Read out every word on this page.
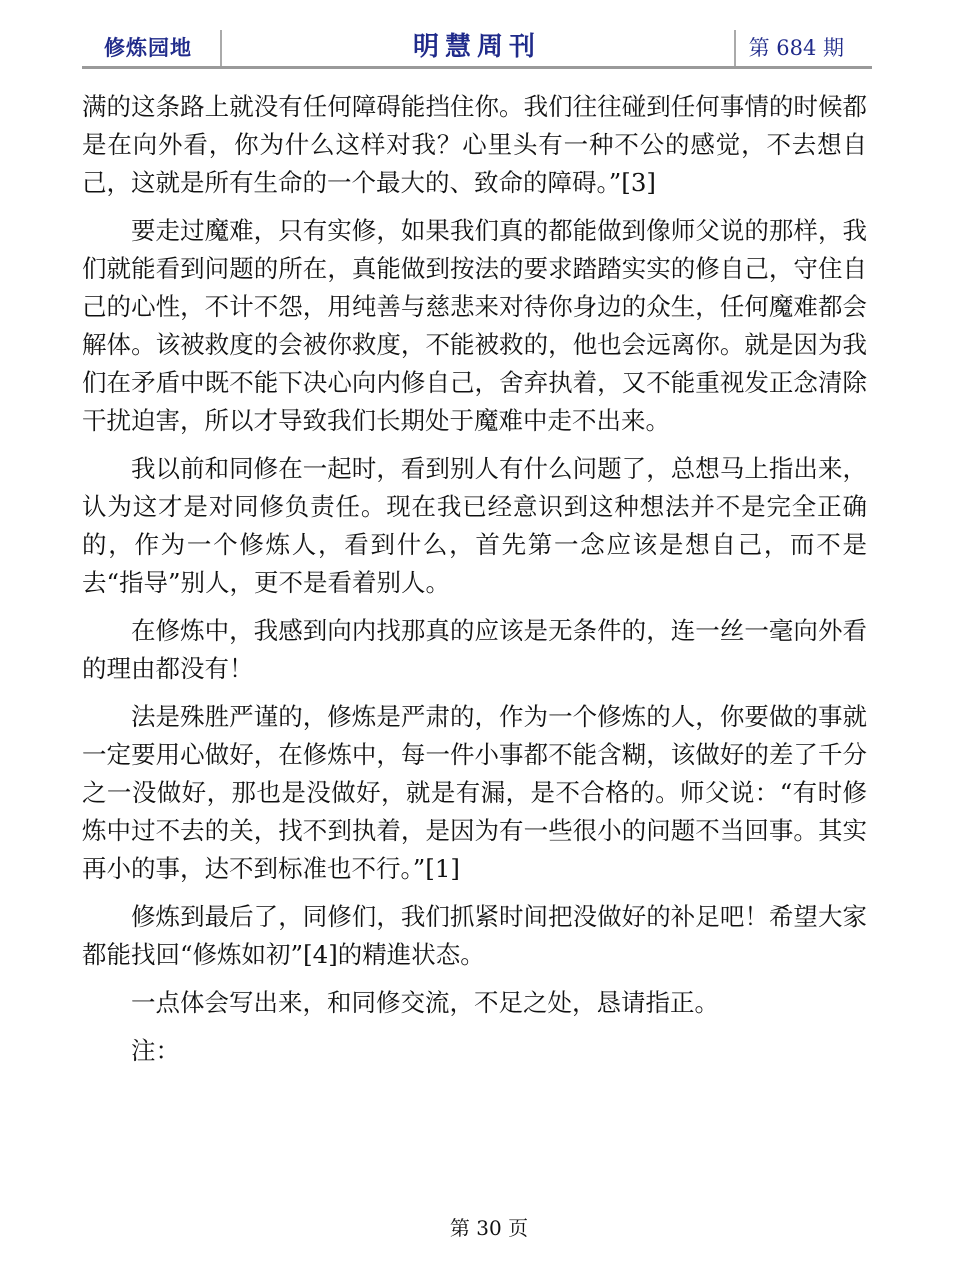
修炼园地	明慧周刊	第 684 期

满的这条路上就没有任何障碍能挡住你。我们往往碰到任何事情的时候都是在向外看，你为什么这样对我？心里头有一种不公的感觉，不去想自己，这就是所有生命的一个最大的、致命的障碍。”[3]

要走过魔难，只有实修，如果我们真的都能做到像师父说的那样，我们就能看到问题的所在，真能做到按法的要求踏踏实实的修自己，守住自己的心性，不计不怨，用纯善与慈悲来对待你身边的众生，任何魔难都会解体。该被救度的会被你救度，不能被救的，他也会远离你。就是因为我们在矛盾中既不能下决心向内修自己，舍弃执着，又不能重视发正念清除干扰迫害，所以才导致我们长期处于魔难中走不出来。

我以前和同修在一起时，看到别人有什么问题了，总想马上指出来，认为这才是对同修负责任。现在我已经意识到这种想法并不是完全正确的，作为一个修炼人，看到什么，首先第一念应该是想自己，而不是去“指导”别人，更不是看着别人。

在修炼中，我感到向内找那真的应该是无条件的，连一丝一毫向外看的理由都没有！

法是殊胜严谨的，修炼是严肃的，作为一个修炼的人，你要做的事就一定要用心做好，在修炼中，每一件小事都不能含糊，该做好的差了千分之一没做好，那也是没做好，就是有漏，是不合格的。师父说：“有时修炼中过不去的关，找不到执着，是因为有一些很小的问题不当回事。其实再小的事，达不到标准也不行。”[1]

修炼到最后了，同修们，我们抓紧时间把没做好的补足吧！希望大家都能找回“修炼如初”[4]的精進状态。

一点体会写出来，和同修交流，不足之处，恳请指正。

注：

第 30 页
